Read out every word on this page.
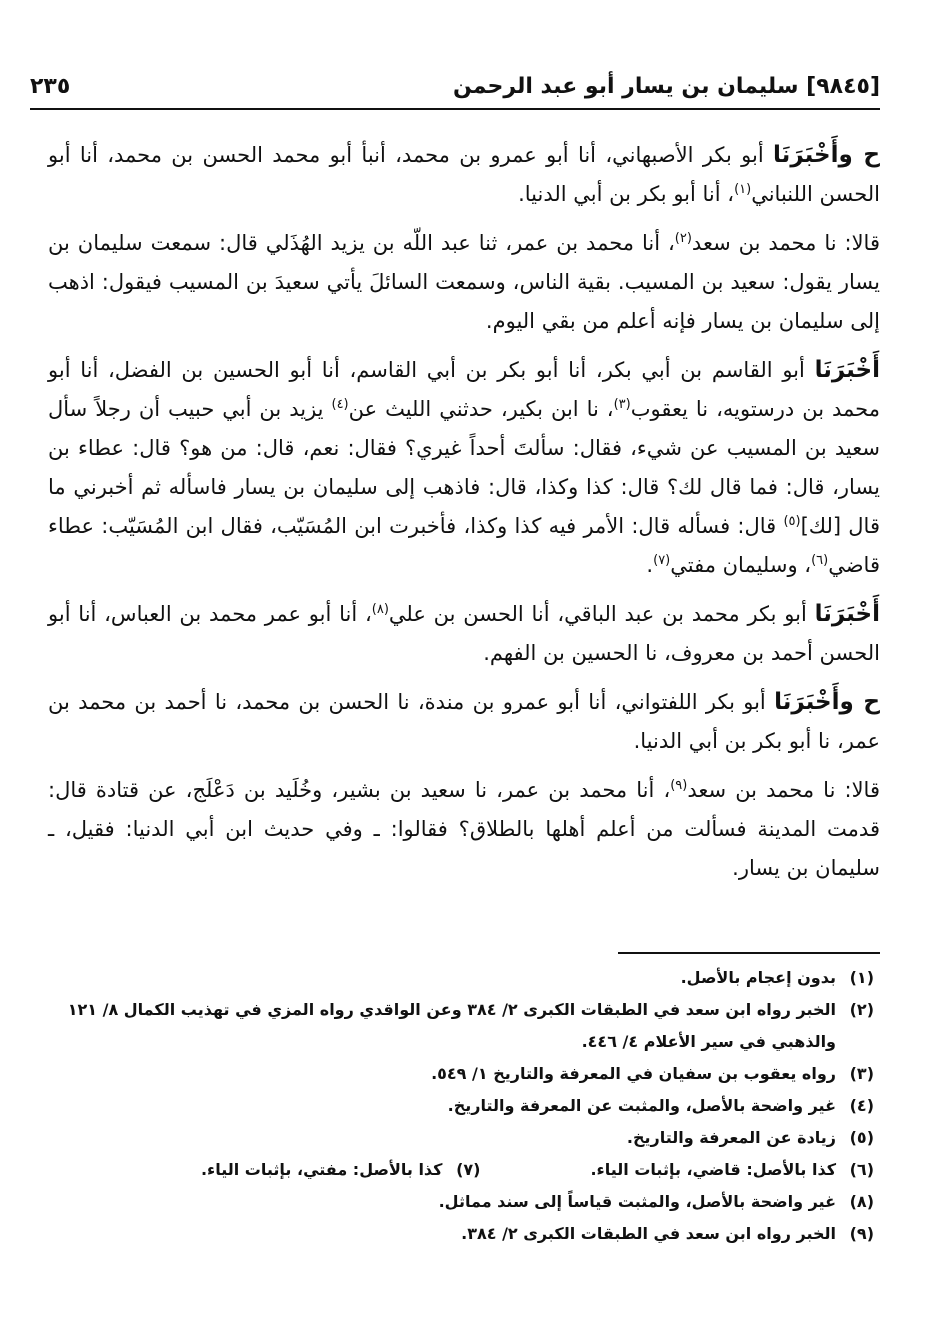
[٩٨٤٥] سليمان بن يسار أبو عبد الرحمن
٢٣٥

ح وأَخْبَرَنَا أبو بكر الأصبهاني، أنا أبو عمرو بن محمد، أنبأ أبو محمد الحسن بن محمد، أنا أبو الحسن اللنباني$^{(١)}$، أنا أبو بكر بن أبي الدنيا.

قالا: نا محمد بن سعد$^{(٢)}$، أنا محمد بن عمر، ثنا عبد اللّه بن يزيد الهُذَلي قال: سمعت سليمان بن يسار يقول: سعيد بن المسيب. بقية الناس، وسمعت السائلَ يأتي سعيدَ بن المسيب فيقول: اذهب إلى سليمان بن يسار فإنه أعلم من بقي اليوم.

أَخْبَرَنَا أبو القاسم بن أبي بكر، أنا أبو بكر بن أبي القاسم، أنا أبو الحسين بن الفضل، أنا أبو محمد بن درستويه، نا يعقوب$^{(٣)}$، نا ابن بكير، حدثني الليث عن$^{(٤)}$ يزيد بن أبي حبيب أن رجلاً سأل سعيد بن المسيب عن شيء، فقال: سألتَ أحداً غيري؟ فقال: نعم، قال: من هو؟ قال: عطاء بن يسار، قال: فما قال لك؟ قال: كذا وكذا، قال: فاذهب إلى سليمان بن يسار فاسأله ثم أخبرني ما قال [لك]$^{(٥)}$ قال: فسأله قال: الأمر فيه كذا وكذا، فأخبرت ابن المُسَيّب، فقال ابن المُسَيّب: عطاء قاضي$^{(٦)}$، وسليمان مفتي$^{(٧)}$.

أَخْبَرَنَا أبو بكر محمد بن عبد الباقي، أنا الحسن بن علي$^{(٨)}$، أنا أبو عمر محمد بن العباس، أنا أبو الحسن أحمد بن معروف، نا الحسين بن الفهم.

ح وأَخْبَرَنَا أبو بكر اللفتواني، أنا أبو عمرو بن مندة، نا الحسن بن محمد، نا أحمد بن محمد بن عمر، نا أبو بكر بن أبي الدنيا.

قالا: نا محمد بن سعد$^{(٩)}$، أنا محمد بن عمر، نا سعيد بن بشير، وخُلَيد بن دَعْلَج، عن قتادة قال: قدمت المدينة فسألت من أعلم أهلها بالطلاق؟ فقالوا: ـ وفي حديث ابن أبي الدنيا: فقيل، ـ سليمان بن يسار.

(١)
بدون إعجام بالأصل.
(٢)
الخبر رواه ابن سعد في الطبقات الكبرى ٢/ ٣٨٤ وعن الواقدي رواه المزي في تهذيب الكمال ٨/ ١٢١ والذهبي في سير الأعلام ٤/ ٤٤٦.
(٣)
رواه يعقوب بن سفيان في المعرفة والتاريخ ١/ ٥٤٩.
(٤)
غير واضحة بالأصل، والمثبت عن المعرفة والتاريخ.
(٥)
زيادة عن المعرفة والتاريخ.
(٦)
كذا بالأصل: قاضي، بإثبات الياء.
(٧)
كذا بالأصل: مفتي، بإثبات الياء.
(٨)
غير واضحة بالأصل، والمثبت قياساً إلى سند مماثل.
(٩)
الخبر رواه ابن سعد في الطبقات الكبرى ٢/ ٣٨٤.
